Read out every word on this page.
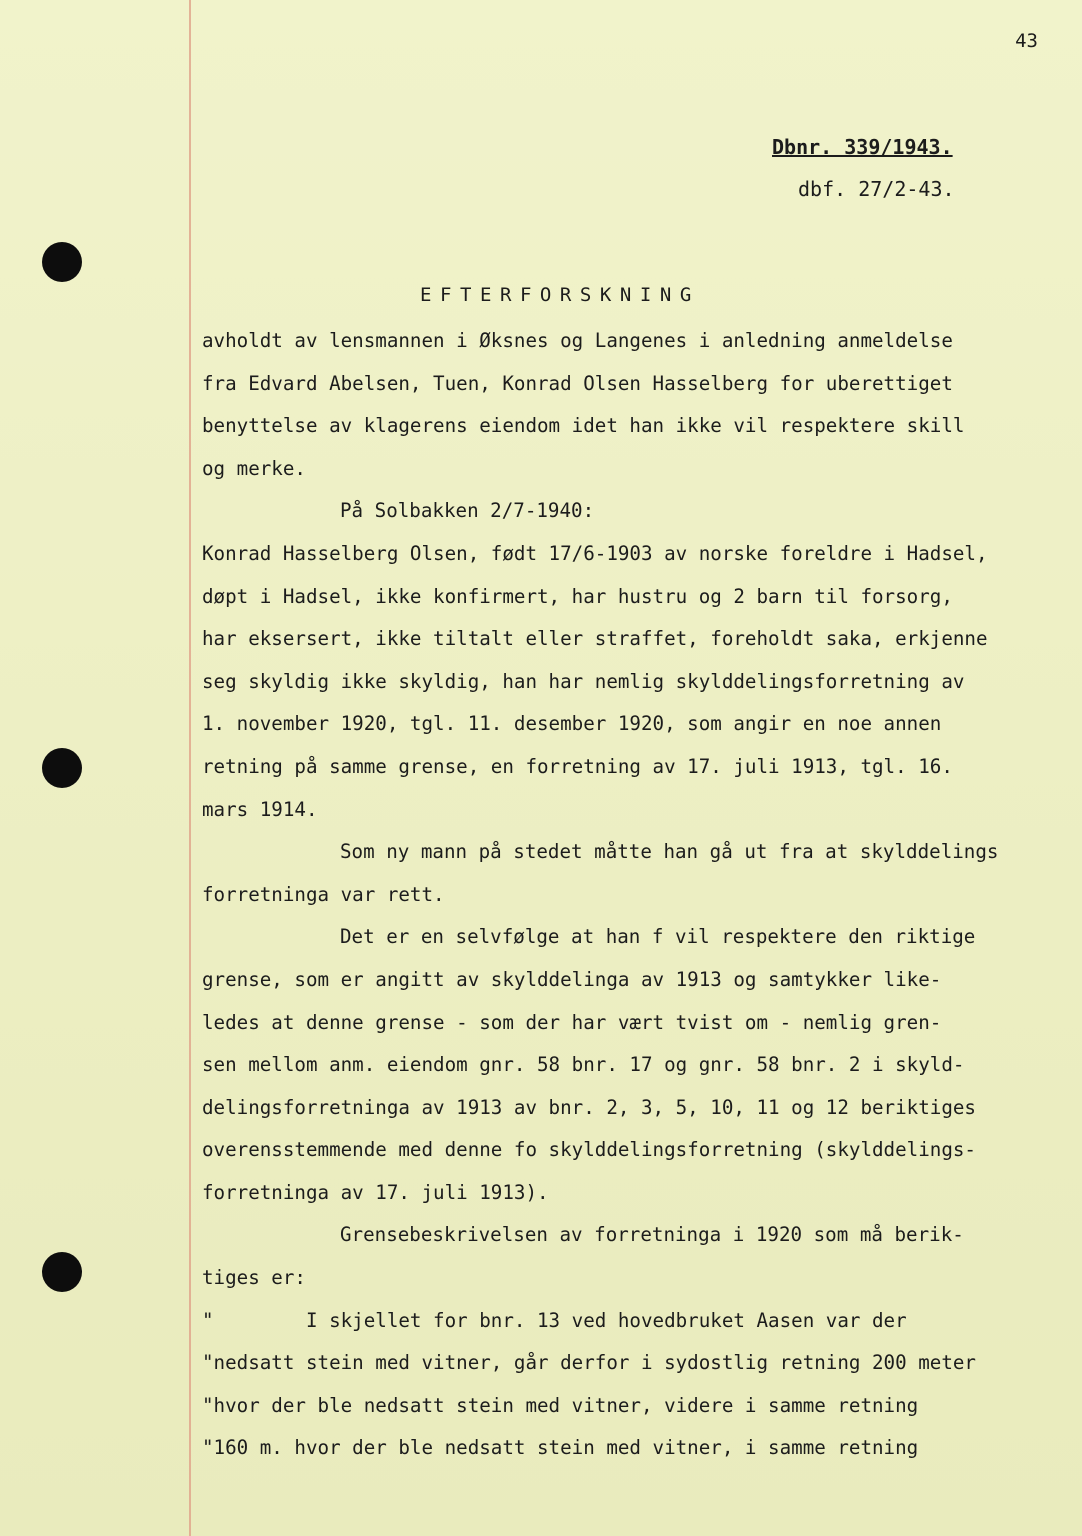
43
Dbnr. 339/1943.
dbf. 27/2-43.
EFTERFORSKNING
avholdt av lensmannen i Øksnes og Langenes i anledning anmeldelse
fra Edvard Abelsen, Tuen, Konrad Olsen Hasselberg for uberettiget
benyttelse av klagerens eiendom idet han ikke vil respektere skill
og merke.
På Solbakken 2/7-1940:
Konrad Hasselberg Olsen, født 17/6-1903 av norske foreldre i Hadsel,
døpt i Hadsel, ikke konfirmert, har hustru og 2 barn til forsorg,
har eksersert, ikke tiltalt eller straffet, foreholdt saka, erkjenne
seg skyldig ikke skyldig, han har nemlig skylddelingsforretning av
1. november 1920, tgl. 11. desember 1920, som angir en noe annen
retning på samme grense, en forretning av 17. juli 1913, tgl. 16.
mars 1914.
Som ny mann på stedet måtte han gå ut fra at skylddelings
forretninga var rett.
Det er en selvfølge at han f vil respektere den riktige
grense, som er angitt av skylddelinga av 1913 og samtykker like-
ledes at denne grense - som der har vært tvist om - nemlig gren-
sen mellom anm. eiendom gnr. 58 bnr. 17 og gnr. 58 bnr. 2 i skyld-
delingsforretninga av 1913 av bnr. 2, 3, 5, 10, 11 og 12 beriktiges
overensstemmende med denne fo skylddelingsforretning (skylddelings-
forretninga av 17. juli 1913).
Grensebeskrivelsen av forretninga i 1920 som må berik-
tiges er:
"        I skjellet for bnr. 13 ved hovedbruket Aasen var der
"nedsatt stein med vitner, går derfor i sydostlig retning 200 meter
"hvor der ble nedsatt stein med vitner, videre i samme retning
"160 m. hvor der ble nedsatt stein med vitner, i samme retning
